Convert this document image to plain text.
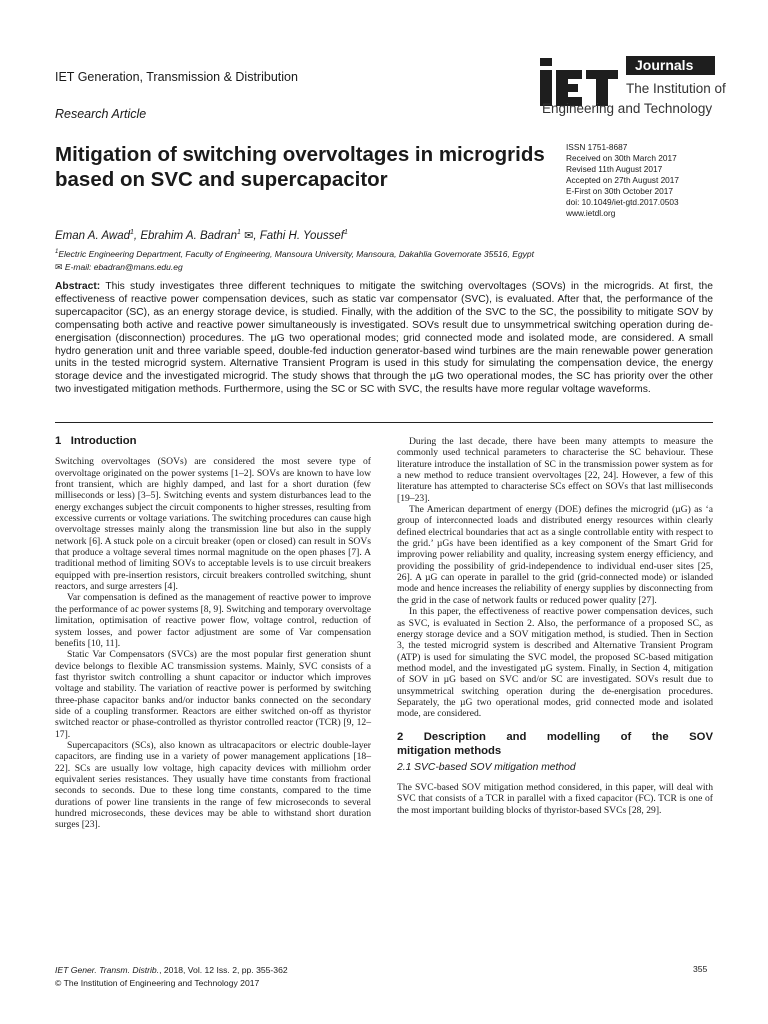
IET Generation, Transmission & Distribution
Research Article
Journals
The Institution of
Engineering and Technology
Mitigation of switching overvoltages in microgrids based on SVC and supercapacitor
ISSN 1751-8687
Received on 30th March 2017
Revised 11th August 2017
Accepted on 27th August 2017
E-First on 30th October 2017
doi: 10.1049/iet-gtd.2017.0503
www.ietdl.org
Eman A. Awad$^1$, Ebrahim A. Badran$^1$ ✉, Fathi H. Youssef$^1$
$^1$Electric Engineering Department, Faculty of Engineering, Mansoura University, Mansoura, Dakahlia Governorate 35516, Egypt
✉ E-mail: ebadran@mans.edu.eg
Abstract: This study investigates three different techniques to mitigate the switching overvoltages (SOVs) in the microgrids. At first, the effectiveness of reactive power compensation devices, such as static var compensator (SVC), is evaluated. After that, the performance of the supercapacitor (SC), as an energy storage device, is studied. Finally, with the addition of the SVC to the SC, the possibility to mitigate SOV by compensating both active and reactive power simultaneously is investigated. SOVs result due to unsymmetrical switching operation during de-energisation (disconnection) procedures. The µG two operational modes; grid connected mode and isolated mode, are considered. A small hydro generation unit and three variable speed, double-fed induction generator-based wind turbines are the main renewable power generation units in the tested microgrid system. Alternative Transient Program is used in this study for simulating the compensation device, the energy storage device and the investigated microgrid. The study shows that through the µG two operational modes, the SC has priority over the other two investigated mitigation methods. Furthermore, using the SC or SC with SVC, the results have more regular voltage waveforms.
1   Introduction

Switching overvoltages (SOVs) are considered the most severe type of overvoltage originated on the power systems [1–2]. SOVs are known to have low front transient, which are highly damped, and last for a short duration (few milliseconds or less) [3–5]. Switching events and system disturbances lead to the energy exchanges subject the circuit components to higher stresses, resulting from excessive currents or voltage variations. The switching procedures can cause high overvoltage stresses mainly along the transmission line but also in the supply network [6]. A stuck pole on a circuit breaker (open or closed) can result in SOVs that produce a voltage several times normal magnitude on the open phases [7]. A traditional method of limiting SOVs to acceptable levels is to use circuit breakers equipped with pre-insertion resistors, circuit breakers controlled switching, shunt reactors, and surge arresters [4].

Var compensation is defined as the management of reactive power to improve the performance of ac power systems [8, 9]. Switching and temporary overvoltage limitation, optimisation of reactive power flow, voltage control, reduction of system losses, and power factor adjustment are some of Var compensation benefits [10, 11].

Static Var Compensators (SVCs) are the most popular first generation shunt device belongs to flexible AC transmission systems. Mainly, SVC consists of a fast thyristor switch controlling a shunt capacitor or inductor which improves voltage and stability. The variation of reactive power is performed by switching three-phase capacitor banks and/or inductor banks connected on the secondary side of a coupling transformer. Reactors are either switched on-off as thyristor switched reactor or phase-controlled as thyristor controlled reactor (TCR) [9, 12–17].

Supercapacitors (SCs), also known as ultracapacitors or electric double-layer capacitors, are finding use in a variety of power management applications [18–22]. SCs are usually low voltage, high capacity devices with milliohm order equivalent series resistances. They usually have time constants from fractional seconds to seconds. Due to these long time constants, compared to the time durations of power line transients in the range of few microseconds to several hundred microseconds, these devices may be able to withstand short duration surges [23].

During the last decade, there have been many attempts to measure the commonly used technical parameters to characterise the SC behaviour. These literature introduce the installation of SC in the transmission power system as for a new method to reduce transient overvoltages [22, 24]. However, a few of this literature has attempted to characterise SCs effect on SOVs that last milliseconds [19–23].

The American department of energy (DOE) defines the microgrid (µG) as ‘a group of interconnected loads and distributed energy resources within clearly defined electrical boundaries that act as a single controllable entity with respect to the grid.’ µGs have been identified as a key component of the Smart Grid for improving power reliability and quality, increasing system energy efficiency, and providing the possibility of grid-independence to individual end-user sites [25, 26]. A µG can operate in parallel to the grid (grid-connected mode) or islanded mode and hence increases the reliability of energy supplies by disconnecting from the grid in the case of network faults or reduced power quality [27].

In this paper, the effectiveness of reactive power compensation devices, such as SVC, is evaluated in Section 2. Also, the performance of a proposed SC, as energy storage device and a SOV mitigation method, is studied. Then in Section 3, the tested microgrid system is described and Alternative Transient Program (ATP) is used for simulating the SVC model, the proposed SC-based mitigation method model, and the investigated µG system. Finally, in Section 4, mitigation of SOV in µG based on SVC and/or SC are investigated. SOVs result due to unsymmetrical switching operation during the de-energisation procedures. Separately, the µG two operational modes, grid connected mode and isolated mode, are considered.

2   Description   and   modelling   of   the   SOV
mitigation methods
2.1 SVC-based SOV mitigation method

The SVC-based SOV mitigation method considered, in this paper, will deal with SVC that consists of a TCR in parallel with a fixed capacitor (FC). TCR is one of the most important building blocks of thyristor-based SVCs [28, 29].

IET Gener. Transm. Distrib., 2018, Vol. 12 Iss. 2, pp. 355-362
© The Institution of Engineering and Technology 2017
355
